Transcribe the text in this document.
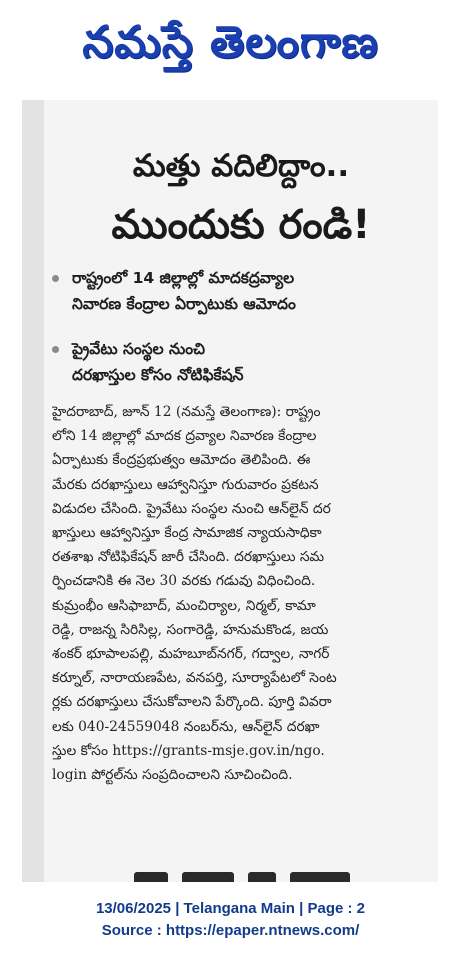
నమస్తే తెలంగాణ
మత్తు వదిలిద్దాం..
ముందుకు రండి!
రాష్ట్రంలో 14 జిల్లాల్లో మాదకద్రవ్యాల
నివారణ కేంద్రాల ఏర్పాటుకు ఆమోదం
ప్రైవేటు సంస్థల నుంచి
దరఖాస్తుల కోసం నోటిఫికేషన్
హైదరాబాద్, జూన్ 12 (నమస్తే తెలంగాణ): రాష్ట్రం
లోని 14 జిల్లాల్లో మాదక ద్రవ్యాల నివారణ కేంద్రాల
ఏర్పాటుకు కేంద్రప్రభుత్వం ఆమోదం తెలిపింది. ఈ
మేరకు దరఖాస్తులు ఆహ్వానిస్తూ గురువారం ప్రకటన
విడుదల చేసింది. ప్రైవేటు సంస్థల నుంచి ఆన్‌లైన్ దర
ఖాస్తులు ఆహ్వానిస్తూ కేంద్ర సామాజిక న్యాయసాధికా
రతశాఖ నోటిఫికేషన్ జారీ చేసింది. దరఖాస్తులు సమ
ర్పించడానికి ఈ నెల 30 వరకు గడువు విధించింది.
కుమ్రంభీం ఆసిఫాబాద్, మంచిర్యాల, నిర్మల్, కామా
రెడ్డి, రాజన్న సిరిసిల్ల, సంగారెడ్డి, హనుమకొండ, జయ
శంకర్ భూపాలపల్లి, మహబూబ్‌నగర్, గద్వాల, నాగర్
కర్నూల్, నారాయణపేట, వనపర్తి, సూర్యాపేటలో సెంట
ర్లకు దరఖాస్తులు చేసుకోవాలని పేర్కొంది. పూర్తి వివరా
లకు 040-24559048 నంబర్‌ను, ఆన్‌లైన్ దరఖా
స్తుల కోసం https://grants-msje.gov.in/ngo.
login పోర్టల్‌ను సంప్రదించాలని సూచించింది.
13/06/2025 | Telangana Main | Page : 2
Source : https://epaper.ntnews.com/
